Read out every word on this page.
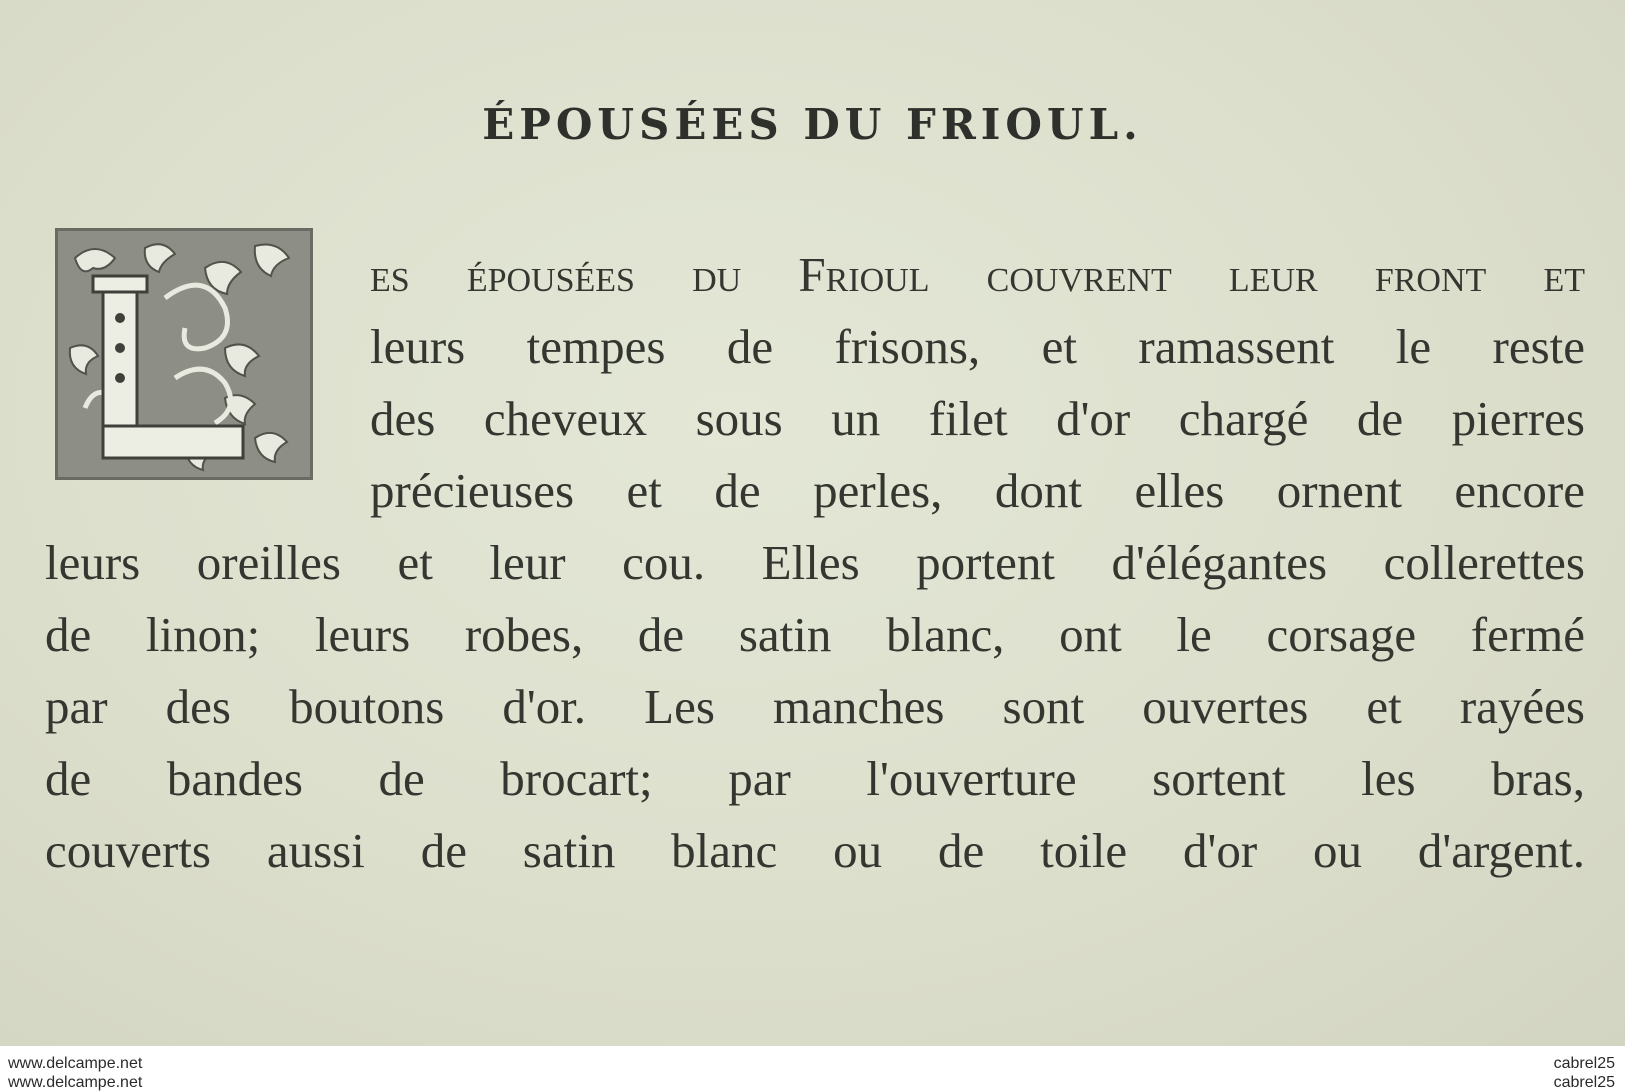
ÉPOUSÉES DU FRIOUL.
es épousées du Frioul couvrent leur front et
leurs tempes de frisons, et ramassent le reste
des cheveux sous un filet d'or chargé de pierres
précieuses et de perles, dont elles ornent encore
leurs oreilles et leur cou. Elles portent d'élégantes collerettes
de linon; leurs robes, de satin blanc, ont le corsage fermé
par des boutons d'or. Les manches sont ouvertes et rayées
de bandes de brocart; par l'ouverture sortent les bras,
couverts aussi de satin blanc ou de toile d'or ou d'argent.
www.delcampe.net
www.delcampe.net
cabrel25
cabrel25
